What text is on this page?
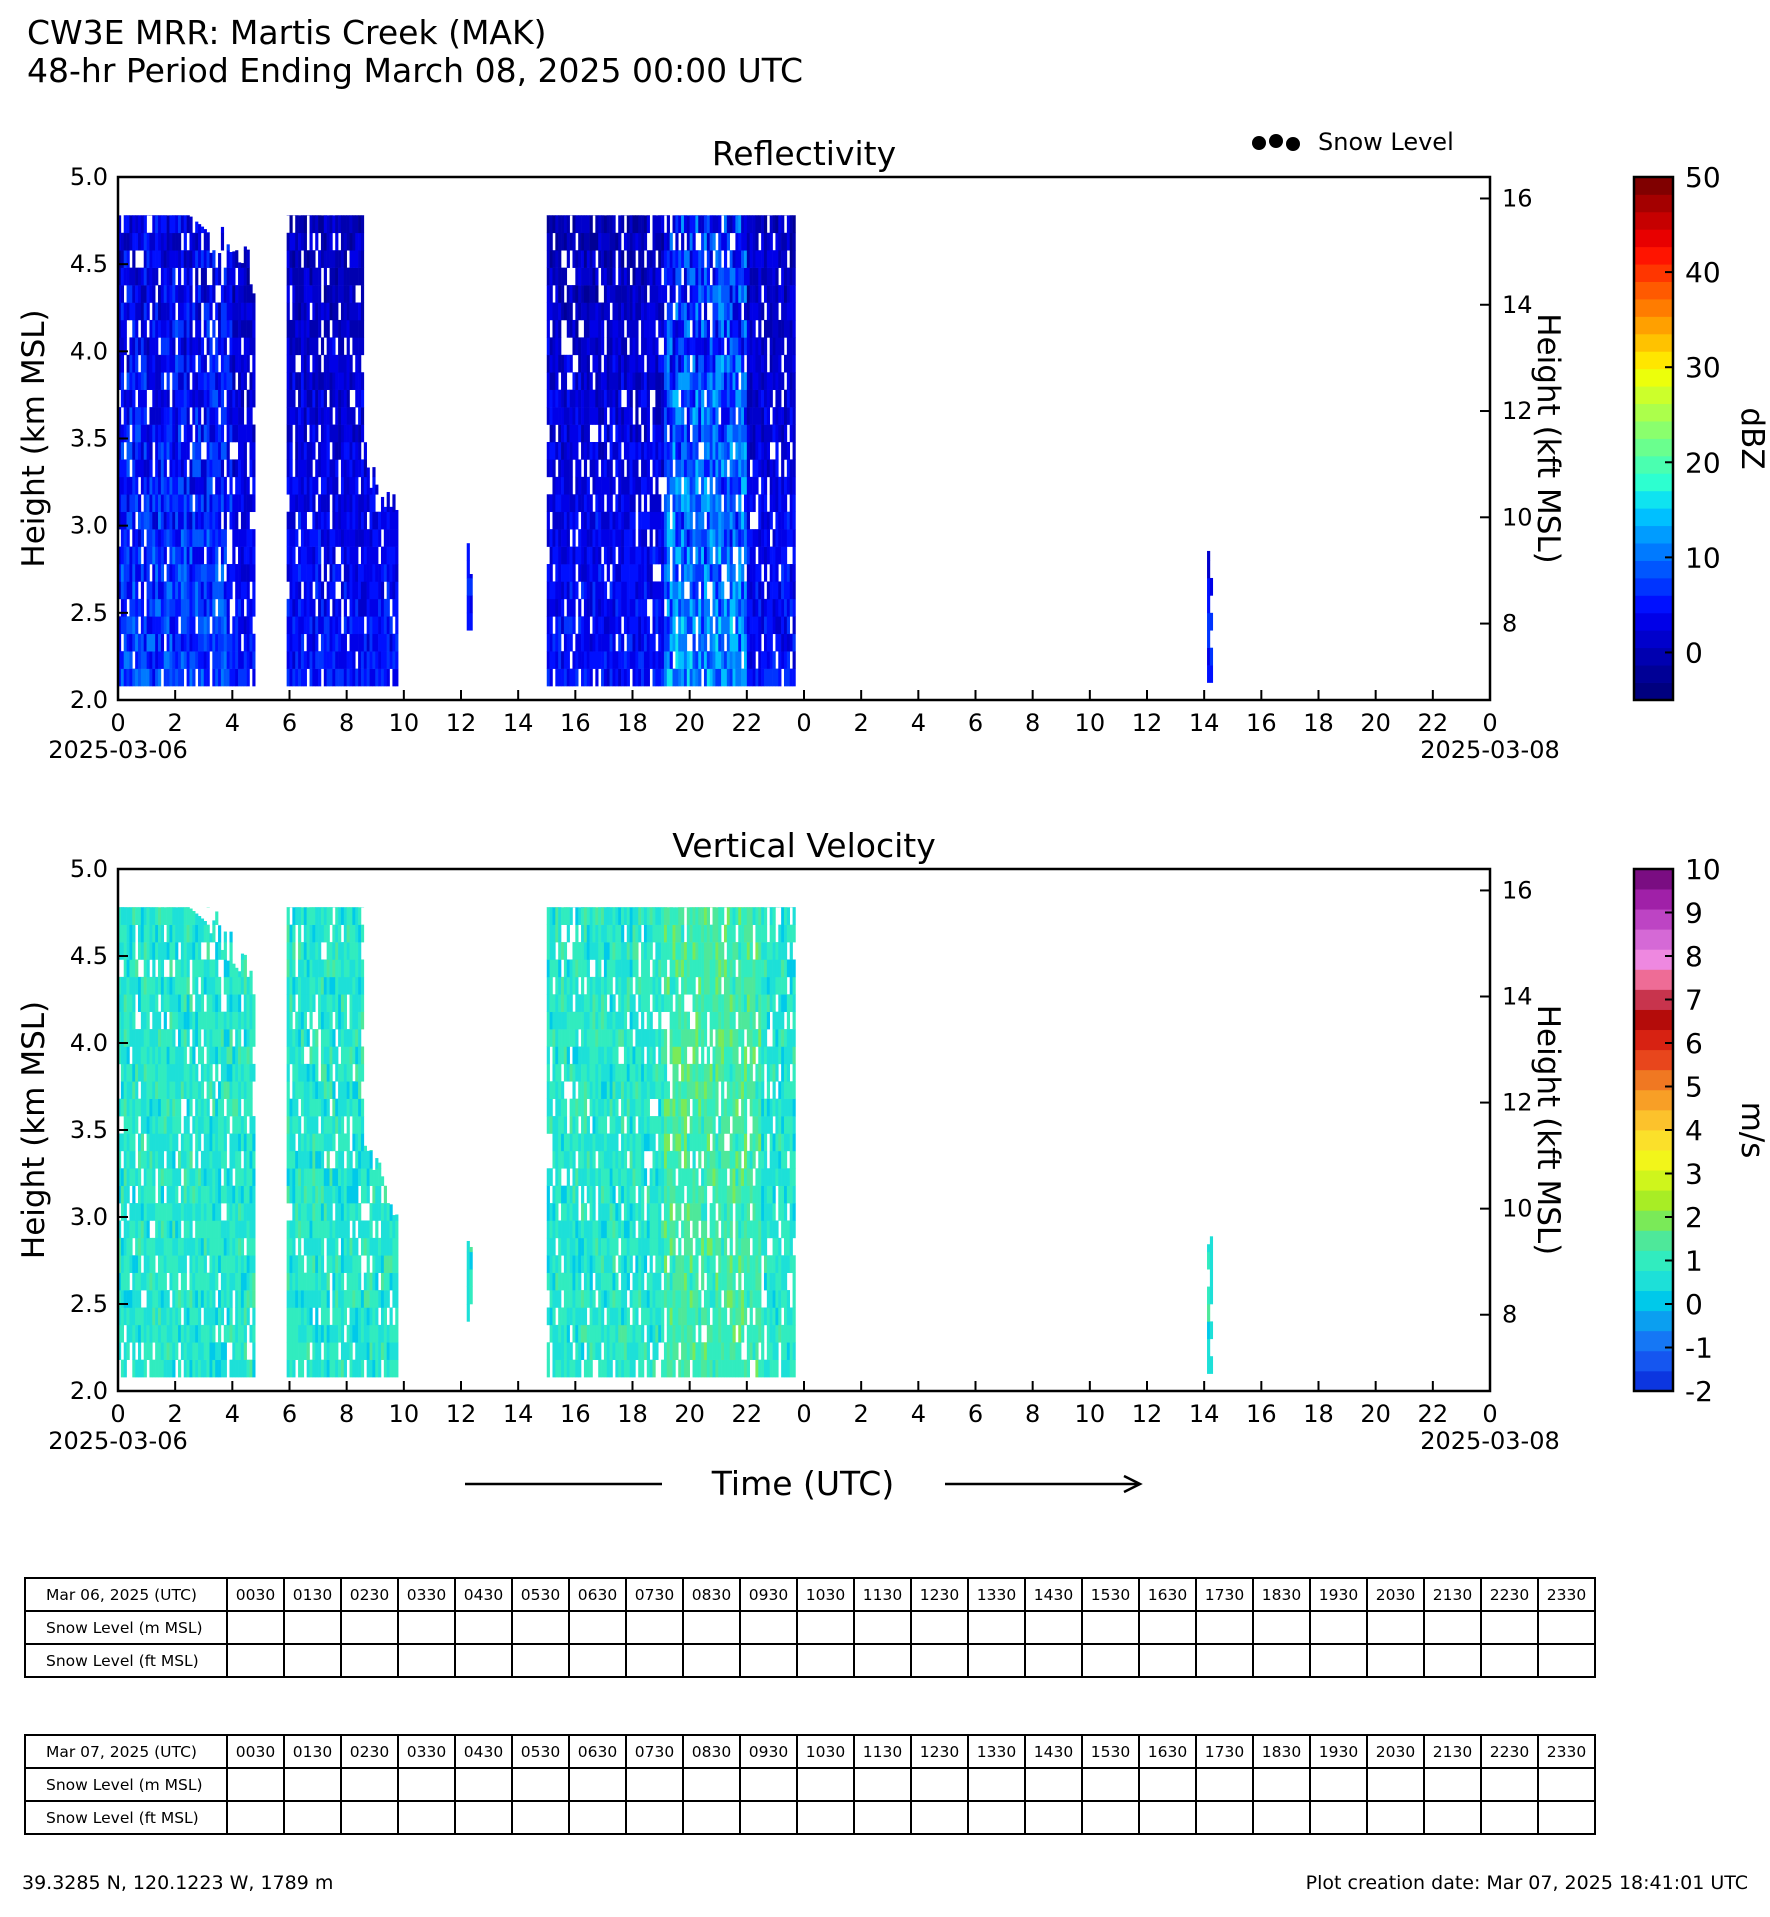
CW3E MRR: Martis Creek (MAK)
48-hr Period Ending March 08, 2025 00:00 UTC
Reflectivity
2.0
2.5
3.0
3.5
4.0
4.5
5.0
Height (km MSL)
8
10
12
14
16
Height (kft MSL)
0 2 4 6 8 10 12 14 16 18 20 22 0 2 4 6 8 10 12 14 16 18 20 22 0
2025-03-06	2025-03-08
0
10
20
30
40
50
dBZ
Vertical Velocity
2.0
2.5
3.0
3.5
4.0
4.5
5.0
Height (km MSL)
8
10
12
14
16
Height (kft MSL)
0 2 4 6 8 10 12 14 16 18 20 22 0 2 4 6 8 10 12 14 16 18 20 22 0
2025-03-06	2025-03-08
-2
-1
0
1
2
3
4
5
6
7
8
9
10
m/s
Snow Level
Time (UTC)
Mar 06, 2025 (UTC)	0030	0130	0230	0330	0430	0530	0630	0730	0830	0930	1030	1130	1230	1330	1430	1530	1630	1730	1830	1930	2030	2130	2230	2330
Snow Level (m MSL)																								
Snow Level (ft MSL)																								
Mar 07, 2025 (UTC)	0030	0130	0230	0330	0430	0530	0630	0730	0830	0930	1030	1130	1230	1330	1430	1530	1630	1730	1830	1930	2030	2130	2230	2330
Snow Level (m MSL)																								
Snow Level (ft MSL)																								
39.3285 N, 120.1223 W, 1789 m	Plot creation date: Mar 07, 2025 18:41:01 UTC
